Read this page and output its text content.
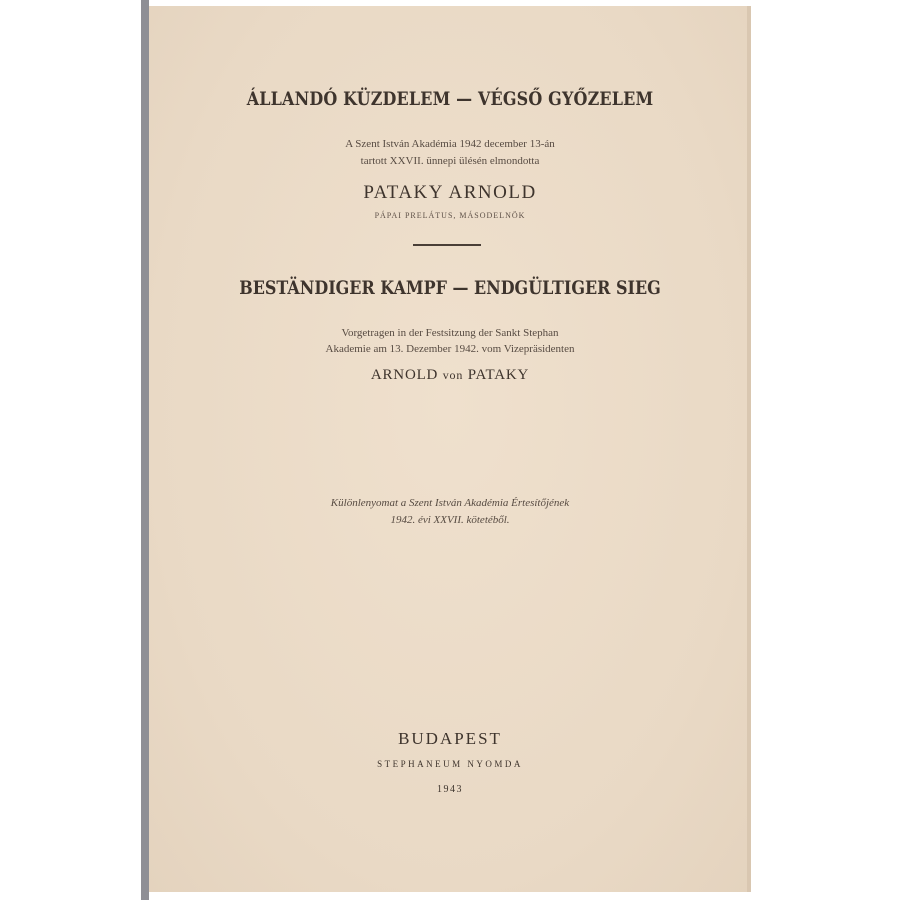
ÁLLANDÓ KÜZDELEM — VÉGSŐ GYŐZELEM
A Szent István Akadémia 1942 december 13-án
tartott XXVII. ünnepi ülésén elmondotta
PATAKY ARNOLD
PÁPAI PRELÁTUS, MÁSODELNÖK
BESTÄNDIGER KAMPF — ENDGÜLTIGER SIEG
Vorgetragen in der Festsitzung der Sankt Stephan
Akademie am 13. Dezember 1942. vom Vizepräsidenten
ARNOLD von PATAKY
Különlenyomat a Szent István Akadémia Értesítőjének
1942. évi XXVII. kötetéből.
BUDAPEST
STEPHANEUM NYOMDA
1943
